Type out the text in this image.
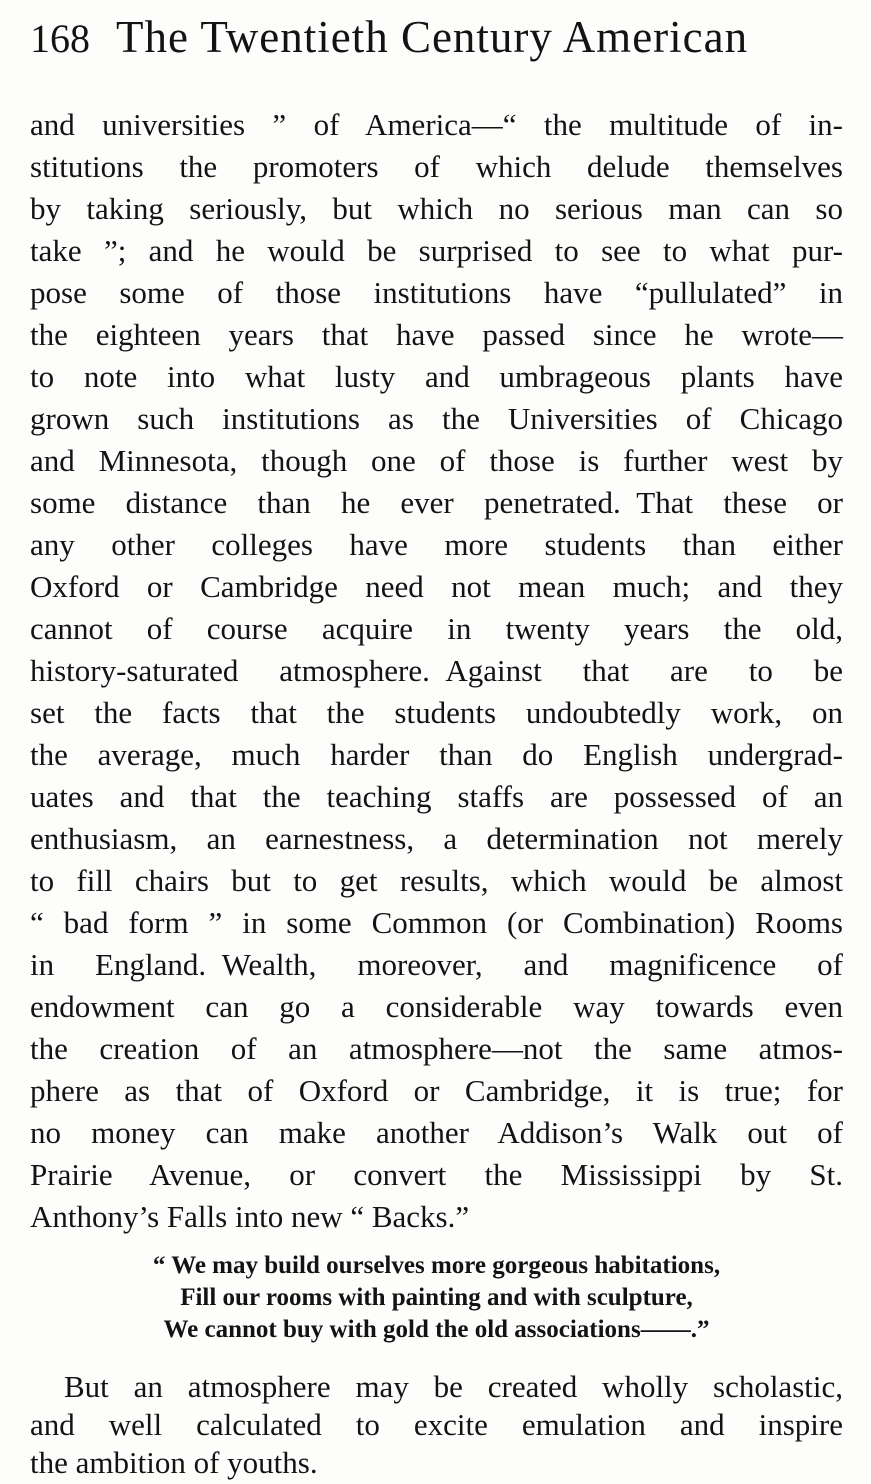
168 The Twentieth Century American
and universities ” of America—“ the multitude of in-
stitutions the promoters of which delude themselves
by taking seriously, but which no serious man can so
take ”; and he would be surprised to see to what pur-
pose some of those institutions have “pullulated” in
the eighteen years that have passed since he wrote—
to note into what lusty and umbrageous plants have
grown such institutions as the Universities of Chicago
and Minnesota, though one of those is further west by
some distance than he ever penetrated. That these or
any other colleges have more students than either
Oxford or Cambridge need not mean much; and they
cannot of course acquire in twenty years the old,
history-saturated atmosphere. Against that are to be
set the facts that the students undoubtedly work, on
the average, much harder than do English undergrad-
uates and that the teaching staffs are possessed of an
enthusiasm, an earnestness, a determination not merely
to fill chairs but to get results, which would be almost
“ bad form ” in some Common (or Combination) Rooms
in England. Wealth, moreover, and magnificence of
endowment can go a considerable way towards even
the creation of an atmosphere—not the same atmos-
phere as that of Oxford or Cambridge, it is true; for
no money can make another Addison’s Walk out of
Prairie Avenue, or convert the Mississippi by St.
Anthony’s Falls into new “ Backs.”
“ We may build ourselves more gorgeous habitations,
Fill our rooms with painting and with sculpture,
We cannot buy with gold the old associations——.”
But an atmosphere may be created wholly scholastic,
and well calculated to excite emulation and inspire
the ambition of youths.
